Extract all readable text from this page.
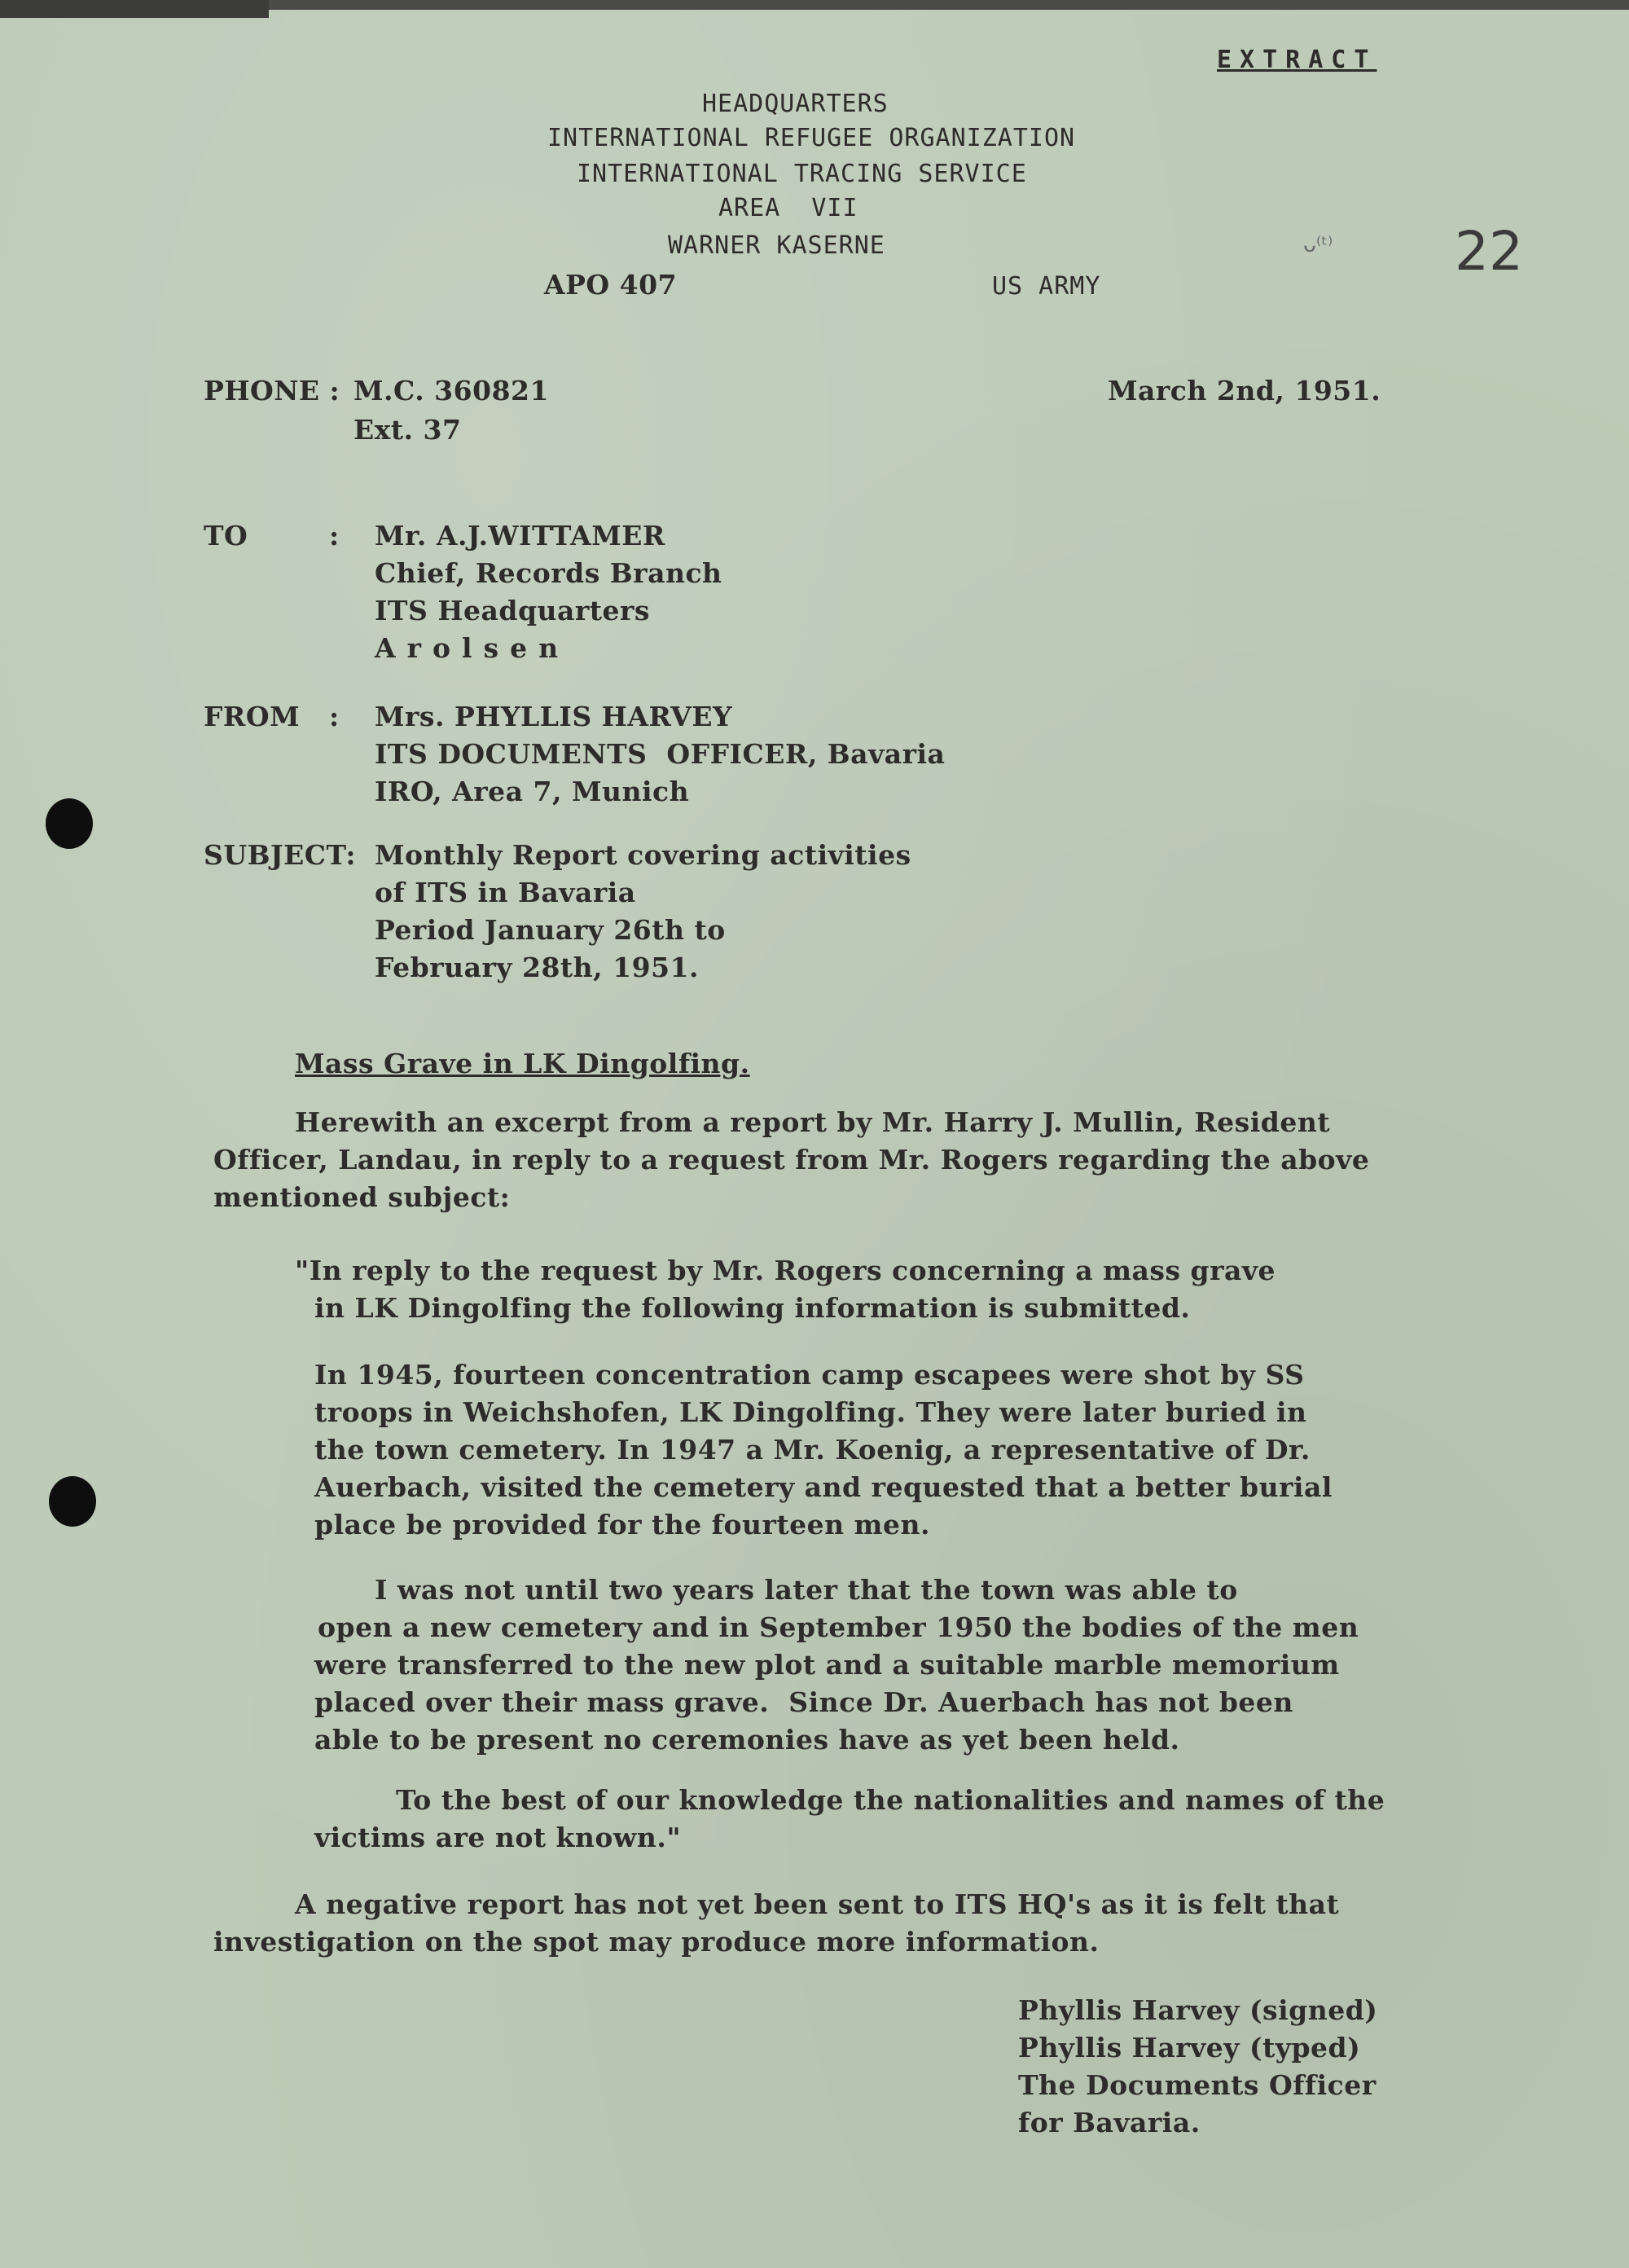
EXTRACT
ᴗ⁽ᵗ⁾ 22
HEADQUARTERS
INTERNATIONAL REFUGEE ORGANIZATION
INTERNATIONAL TRACING SERVICE
AREA  VII
WARNER KASERNE
APO 407	US ARMY
PHONE : M.C. 360821
Ext. 37
March 2nd, 1951.
TO	: Mr. A.J.WITTAMER
Chief, Records Branch
ITS Headquarters
Arolsen
FROM : Mrs. PHYLLIS HARVEY
ITS DOCUMENTS  OFFICER, Bavaria
IRO, Area 7, Munich
SUBJECT: Monthly Report covering activities
of ITS in Bavaria
Period January 26th to
February 28th, 1951.
Mass Grave in LK Dingolfing.
Herewith an excerpt from a report by Mr. Harry J. Mullin, Resident
Officer, Landau, in reply to a request from Mr. Rogers regarding the above
mentioned subject:
"In reply to the request by Mr. Rogers concerning a mass grave
in LK Dingolfing the following information is submitted.
In 1945, fourteen concentration camp escapees were shot by SS
troops in Weichshofen, LK Dingolfing. They were later buried in
the town cemetery. In 1947 a Mr. Koenig, a representative of Dr.
Auerbach, visited the cemetery and requested that a better burial
place be provided for the fourteen men.
I was not until two years later that the town was able to
open a new cemetery and in September 1950 the bodies of the men
were transferred to the new plot and a suitable marble memorium
placed over their mass grave.  Since Dr. Auerbach has not been
able to be present no ceremonies have as yet been held.
To the best of our knowledge the nationalities and names of the
victims are not known."
A negative report has not yet been sent to ITS HQ's as it is felt that
investigation on the spot may produce more information.
Phyllis Harvey (signed)
Phyllis Harvey (typed)
The Documents Officer
for Bavaria.
